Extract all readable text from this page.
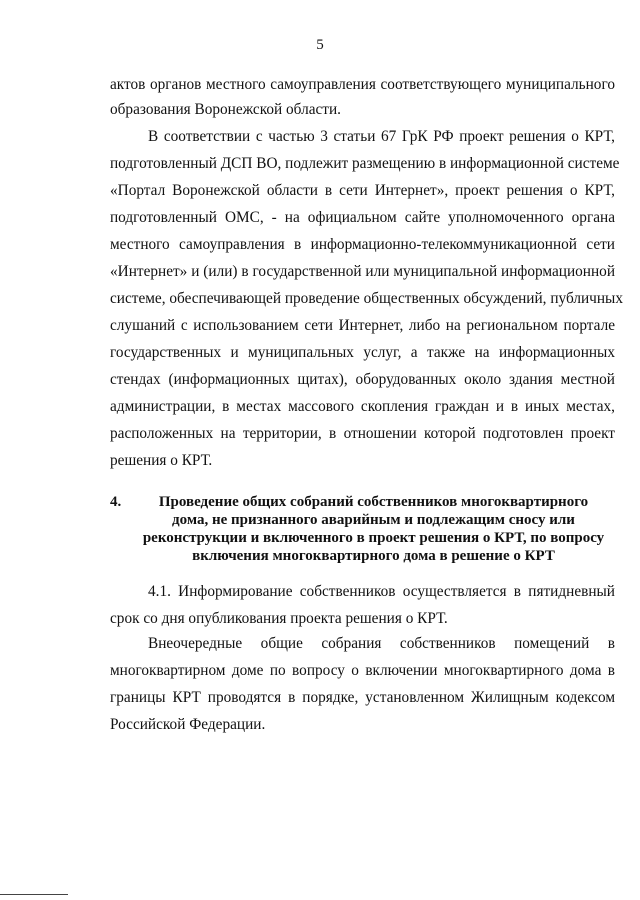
5
актов органов местного самоуправления соответствующего муниципального
образования Воронежской области.
В соответствии с частью 3 статьи 67 ГрК РФ проект решения о КРТ,
подготовленный ДСП ВО, подлежит размещению в информационной системе
«Портал Воронежской области в сети Интернет», проект решения о КРТ,
подготовленный ОМС, - на официальном сайте уполномоченного органа
местного самоуправления в информационно-телекоммуникационной сети
«Интернет» и (или) в государственной или муниципальной информационной
системе, обеспечивающей проведение общественных обсуждений, публичных
слушаний с использованием сети Интернет, либо на региональном портале
государственных и муниципальных услуг, а также на информационных
стендах (информационных щитах), оборудованных около здания местной
администрации, в местах массового скопления граждан и в иных местах,
расположенных на территории, в отношении которой подготовлен проект
решения о КРТ.
4.	Проведение общих собраний собственников многоквартирного
дома, не признанного аварийным и подлежащим сносу или
реконструкции и включенного в проект решения о КРТ, по вопросу
включения многоквартирного дома в решение о КРТ
4.1. Информирование собственников осуществляется в пятидневный
срок со дня опубликования проекта решения о КРТ.
Внеочередные общие собрания собственников помещений в
многоквартирном доме по вопросу о включении многоквартирного дома в
границы КРТ проводятся в порядке, установленном Жилищным кодексом
Российской Федерации.
